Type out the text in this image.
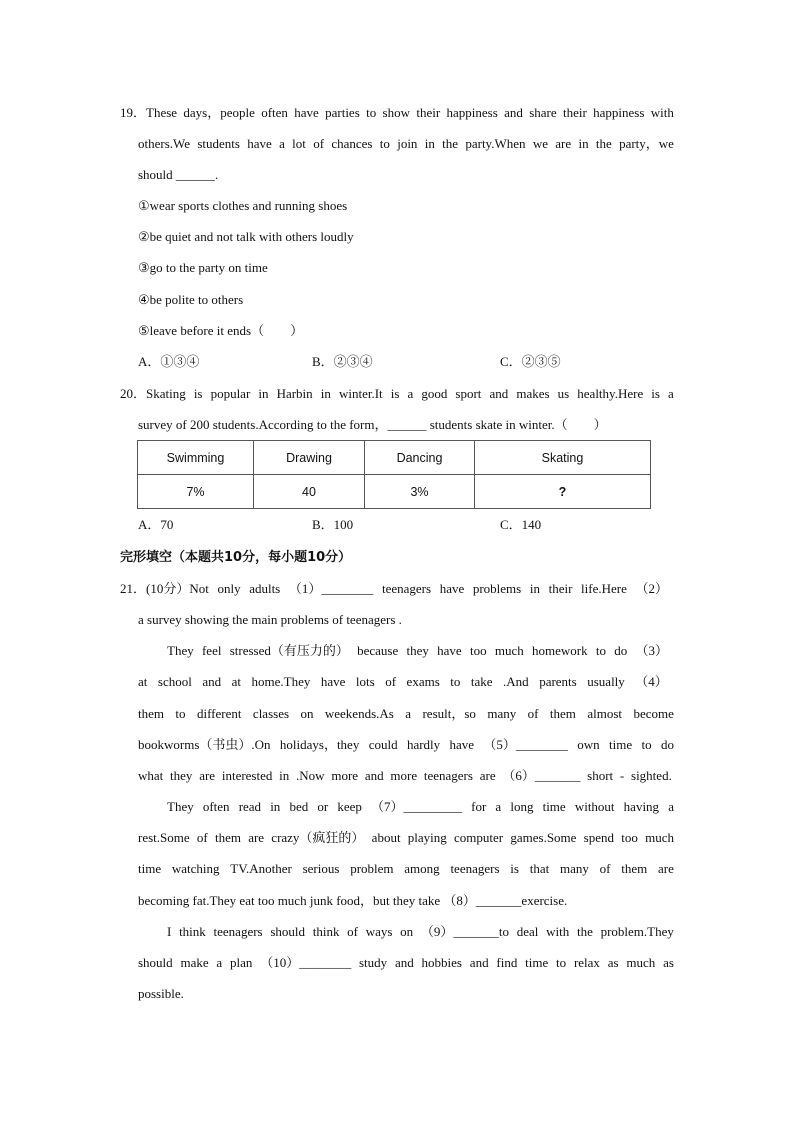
19．These days，people often have parties to show their happiness and share their happiness with
others.We students have a lot of chances to join in the party.When we are in the party，we
should ______.
①wear sports clothes and running shoes
②be quiet and not talk with others loudly
③go to the party on time
④be polite to others
⑤leave before it ends（　　）
A．①③④	B．②③④	C．②③⑤
20．Skating is popular in Harbin in winter.It is a good sport and makes us healthy.Here is a
survey of 200 students.According to the form，______ students skate in winter.（　　）
Swimming	Drawing	Dancing	Skating
7%	40	3%	?
A．70	B．100	C．140
完形填空（本题共10分，每小题10分）
21．(10分）Not only adults （1）________ teenagers have problems in their life.Here （2）
a survey showing the main problems of teenagers .
They feel stressed（有压力的） because they have too much homework to do （3）
at school and at home.They have lots of exams to take .And parents usually （4）
them to different classes on weekends.As a result，so many of them almost become
bookworms（书虫）.On holidays，they could hardly have （5）________ own time to do
what they are interested in .Now more and more teenagers are （6）_______ short - sighted.
They often read in bed or keep （7）_________ for a long time without having a
rest.Some of them are crazy（疯狂的） about playing computer games.Some spend too much
time watching TV.Another serious problem among teenagers is that many of them are
becoming fat.They eat too much junk food，but they take （8）_______exercise.
I think teenagers should think of ways on （9）_______to deal with the problem.They
should make a plan （10）________ study and hobbies and find time to relax as much as
possible.
